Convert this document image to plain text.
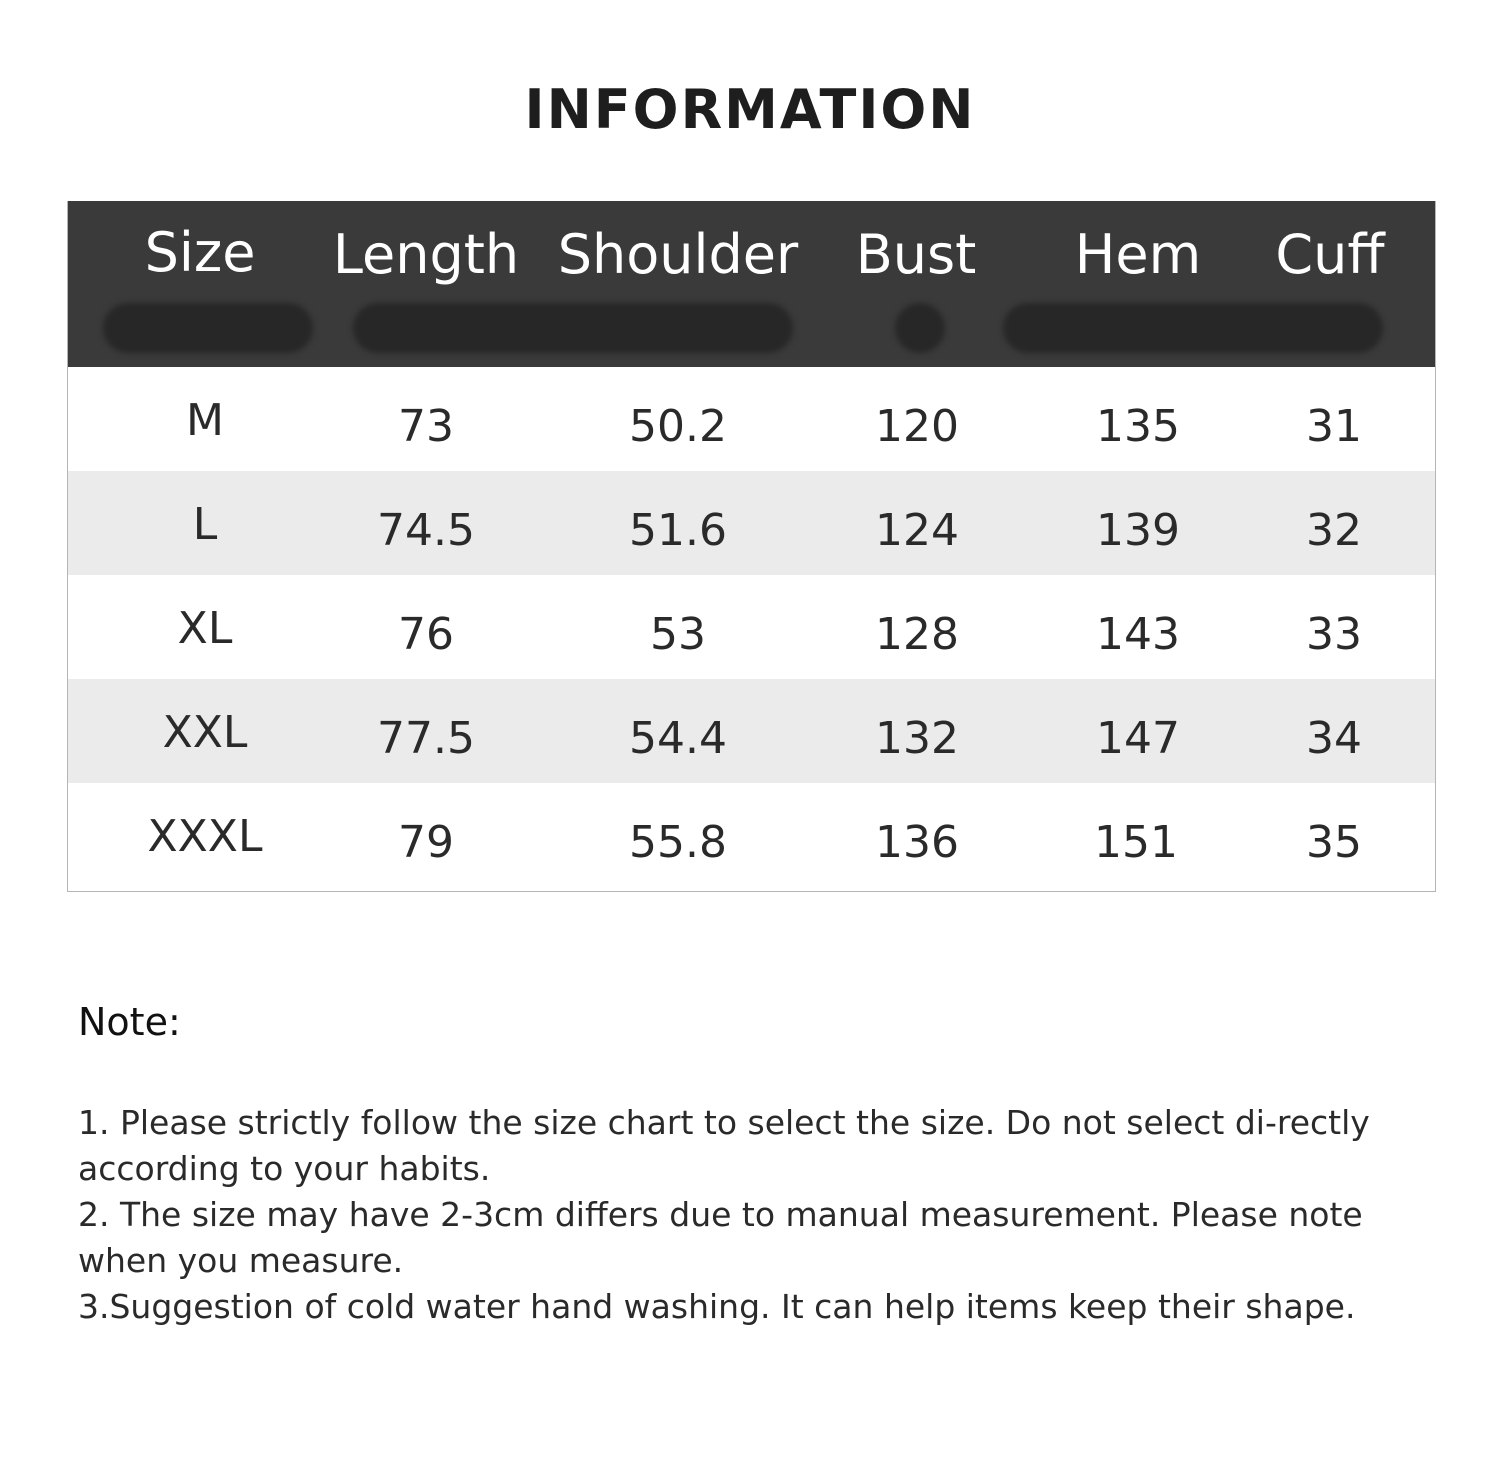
INFORMATION
Size Length Shoulder Bust Hem Cuff
M	73	50.2	120	135	31
L	74.5	51.6	124	139	32
XL	76	53	128	143	33
XXL	77.5	54.4	132	147	34
XXXL	79	55.8	136	151	35

Note:

1. Please strictly follow the size chart to select the size. Do not select di-rectly according to your habits.

2. The size may have 2-3cm differs due to manual measurement. Please note when you measure.

3.Suggestion of cold water hand washing. It can help items keep their shape.
